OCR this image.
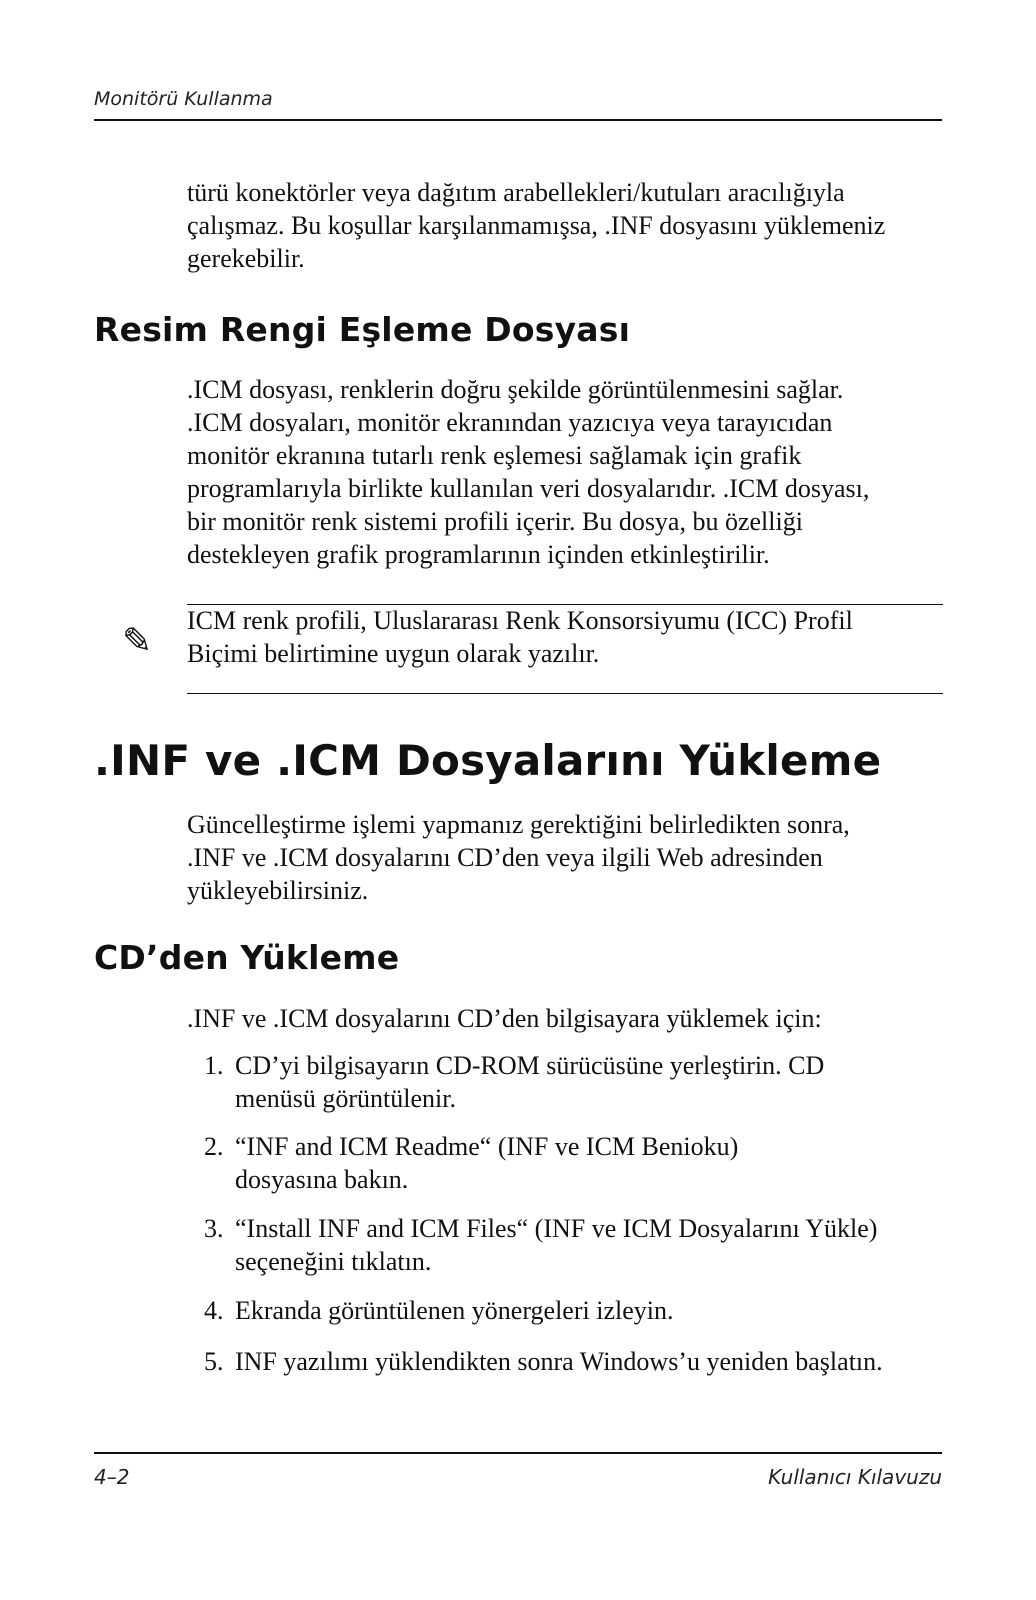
Monitörü Kullanma

türü konektörler veya dağıtım arabellekleri/kutuları aracılığıyla

çalışmaz. Bu koşullar karşılanmamışsa, .INF dosyasını yüklemeniz

gerekebilir.

Resim Rengi Eşleme Dosyası

.ICM dosyası, renklerin doğru şekilde görüntülenmesini sağlar.

.ICM dosyaları, monitör ekranından yazıcıya veya tarayıcıdan

monitör ekranına tutarlı renk eşlemesi sağlamak için grafik

programlarıyla birlikte kullanılan veri dosyalarıdır. .ICM dosyası,

bir monitör renk sistemi profili içerir. Bu dosya, bu özelliği

destekleyen grafik programlarının içinden etkinleştirilir.

✎

ICM renk profili, Uluslararası Renk Konsorsiyumu (ICC) Profil

Biçimi belirtimine uygun olarak yazılır.

.INF ve .ICM Dosyalarını Yükleme

Güncelleştirme işlemi yapmanız gerektiğini belirledikten sonra,

.INF ve .ICM dosyalarını CD’den veya ilgili Web adresinden

yükleyebilirsiniz.

CD’den Yükleme

.INF ve .ICM dosyalarını CD’den bilgisayara yüklemek için:

1. CD’yi bilgisayarın CD-ROM sürücüsüne yerleştirin. CD
menüsü görüntülenir.
2. “INF and ICM Readme“ (INF ve ICM Benioku)
dosyasına bakın.
3. “Install INF and ICM Files“ (INF ve ICM Dosyalarını Yükle)
seçeneğini tıklatın.
4. Ekranda görüntülenen yönergeleri izleyin.
5. INF yazılımı yüklendikten sonra Windows’u yeniden başlatın.
4–2	Kullanıcı Kılavuzu
